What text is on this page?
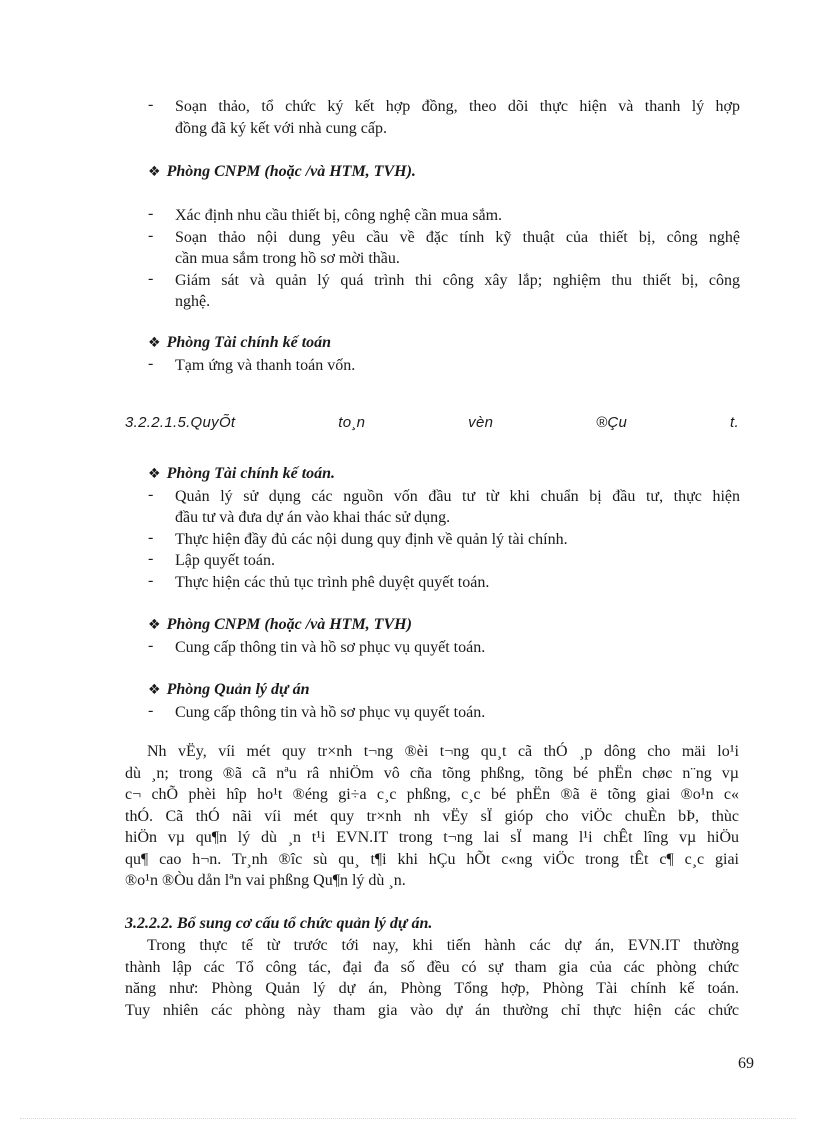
- Soạn thảo, tổ chức ký kết hợp đồng, theo dõi thực hiện và thanh lý hợp
đồng đã ký kết với nhà cung cấp.
❖ Phòng CNPM (hoặc /và HTM, TVH).
- Xác định nhu cầu thiết bị, công nghệ cần mua sắm.
- Soạn thảo nội dung yêu cầu về đặc tính kỹ thuật của thiết bị, công nghệ
cần mua sắm trong hồ sơ mời thầu.
- Giám sát và quản lý quá trình thi công xây lắp; nghiệm thu thiết bị, công
nghệ.
❖ Phòng Tài chính kế toán
- Tạm ứng và thanh toán vốn.
3.2.2.1.5.QuyÕt to¸n vèn ®Çu t.
❖ Phòng Tài chính kế toán.
- Quản lý sử dụng các nguồn vốn đầu tư từ khi chuẩn bị đầu tư, thực hiện
đầu tư và đưa dự án vào khai thác sử dụng.
- Thực hiện đầy đủ các nội dung quy định về quản lý tài chính.
- Lập quyết toán.
- Thực hiện các thủ tục trình phê duyệt quyết toán.
❖ Phòng CNPM (hoặc /và HTM, TVH)
- Cung cấp thông tin và hồ sơ phục vụ quyết toán.
❖ Phòng Quản lý dự án
- Cung cấp thông tin và hồ sơ phục vụ quyết toán.
Nh vËy, víi mét quy tr×nh t¬ng ®èi t¬ng qu¸t cã thÓ ¸p dông cho mäi lo¹i
dù ¸n; trong ®ã cã nªu râ nhiÖm vô cña tõng phßng, tõng bé phËn chøc n¨ng vµ
c¬ chÕ phèi hîp ho¹t ®éng gi÷a c¸c phßng, c¸c bé phËn ®ã ë tõng giai ®o¹n c«
thÓ. Cã thÓ nãi víi mét quy tr×nh nh vËy sÏ gióp cho viÖc chuÈn bÞ, thùc
hiÖn vµ qu¶n lý dù ¸n t¹i EVN.IT trong t¬ng lai sÏ mang l¹i chÊt lîng vµ hiÖu
qu¶ cao h¬n. Tr¸nh ®îc sù qu¸ t¶i khi hÇu hÕt c«ng viÖc trong tÊt c¶ c¸c giai
®o¹n ®Òu dån lªn vai phßng Qu¶n lý dù ¸n.
3.2.2.2. Bổ sung cơ cấu tổ chức quản lý dự án.
Trong thực tế từ trước tới nay, khi tiến hành các dự án, EVN.IT thường
thành lập các Tổ công tác, đại đa số đều có sự tham gia của các phòng chức
năng như: Phòng Quản lý dự án, Phòng Tổng hợp, Phòng Tài chính kế toán.
Tuy nhiên các phòng này tham gia vào dự án thường chỉ thực hiện các chức
69
